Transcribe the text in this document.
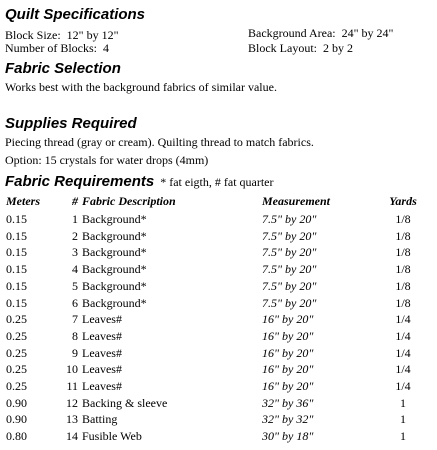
Quilt Specifications
Block Size: 12" by 12"
Number of Blocks: 4
Background Area: 24" by 24"
Block Layout: 2 by 2
Fabric Selection
Works best with the background fabrics of similar value.
Supplies Required
Piecing thread (gray or cream). Quilting thread to match fabrics.
Option: 15 crystals for water drops (4mm)
Fabric Requirements * fat eigth, # fat quarter
Meters	# Fabric Description	Measurement	Yards
0.15	1 Background*	7.5" by 20"	1/8
0.15	2 Background*	7.5" by 20"	1/8
0.15	3 Background*	7.5" by 20"	1/8
0.15	4 Background*	7.5" by 20"	1/8
0.15	5 Background*	7.5" by 20"	1/8
0.15	6 Background*	7.5" by 20"	1/8
0.25	7 Leaves#	16" by 20"	1/4
0.25	8 Leaves#	16" by 20"	1/4
0.25	9 Leaves#	16" by 20"	1/4
0.25	10 Leaves#	16" by 20"	1/4
0.25	11 Leaves#	16" by 20"	1/4
0.90	12 Backing & sleeve	32" by 36"	1
0.90	13 Batting	32" by 32"	1
0.80	14 Fusible Web	30" by 18"	1
